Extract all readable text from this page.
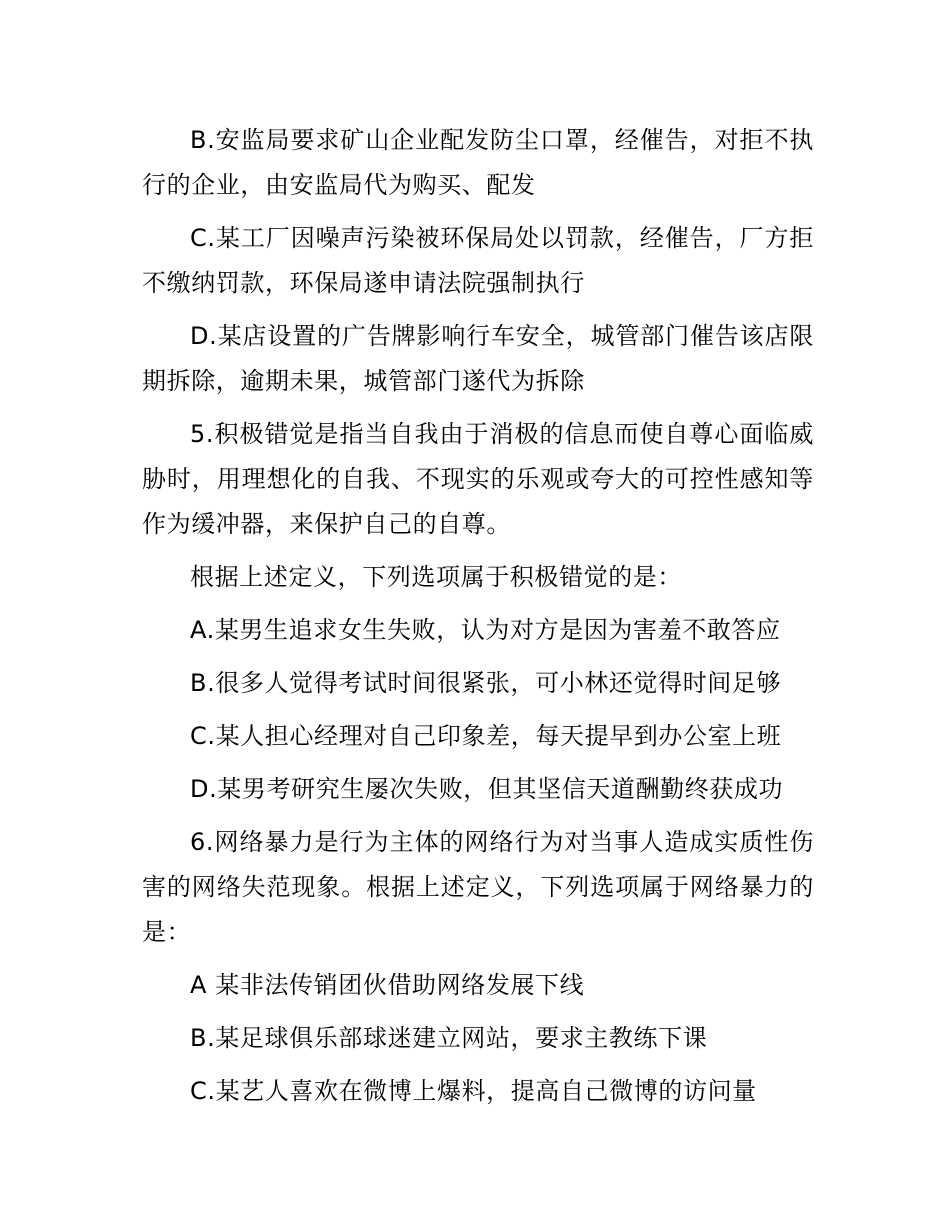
B.安监局要求矿山企业配发防尘口罩，经催告，对拒不执行的企业，由安监局代为购买、配发

C.某工厂因噪声污染被环保局处以罚款，经催告，厂方拒不缴纳罚款，环保局遂申请法院强制执行

D.某店设置的广告牌影响行车安全，城管部门催告该店限期拆除，逾期未果，城管部门遂代为拆除

5.积极错觉是指当自我由于消极的信息而使自尊心面临威胁时，用理想化的自我、不现实的乐观或夸大的可控性感知等作为缓冲器，来保护自己的自尊。

根据上述定义，下列选项属于积极错觉的是：

A.某男生追求女生失败，认为对方是因为害羞不敢答应

B.很多人觉得考试时间很紧张，可小林还觉得时间足够

C.某人担心经理对自己印象差，每天提早到办公室上班

D.某男考研究生屡次失败，但其坚信天道酬勤终获成功

6.网络暴力是行为主体的网络行为对当事人造成实质性伤害的网络失范现象。根据上述定义，下列选项属于网络暴力的是：

A 某非法传销团伙借助网络发展下线

B.某足球俱乐部球迷建立网站，要求主教练下课

C.某艺人喜欢在微博上爆料，提高自己微博的访问量
